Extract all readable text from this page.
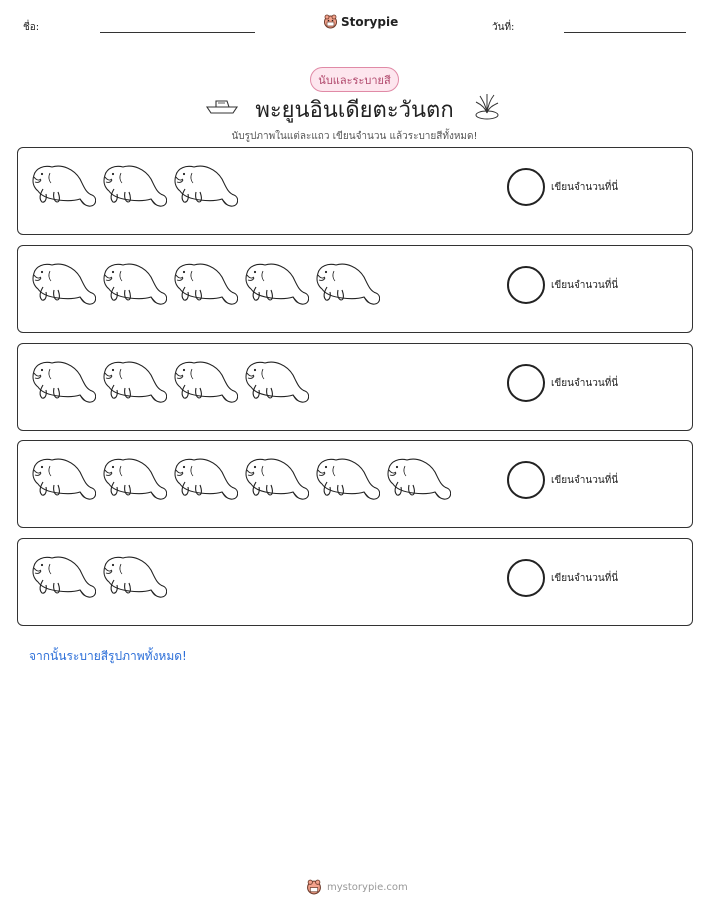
ชื่อ:	Storypie	วันที่:
นับและระบายสี
พะยูนอินเดียตะวันตก
นับรูปภาพในแต่ละแถว เขียนจำนวน แล้วระบายสีทั้งหมด!
เขียนจำนวนที่นี่
เขียนจำนวนที่นี่
เขียนจำนวนที่นี่
เขียนจำนวนที่นี่
เขียนจำนวนที่นี่
จากนั้นระบายสีรูปภาพทั้งหมด!
mystorypie.com
